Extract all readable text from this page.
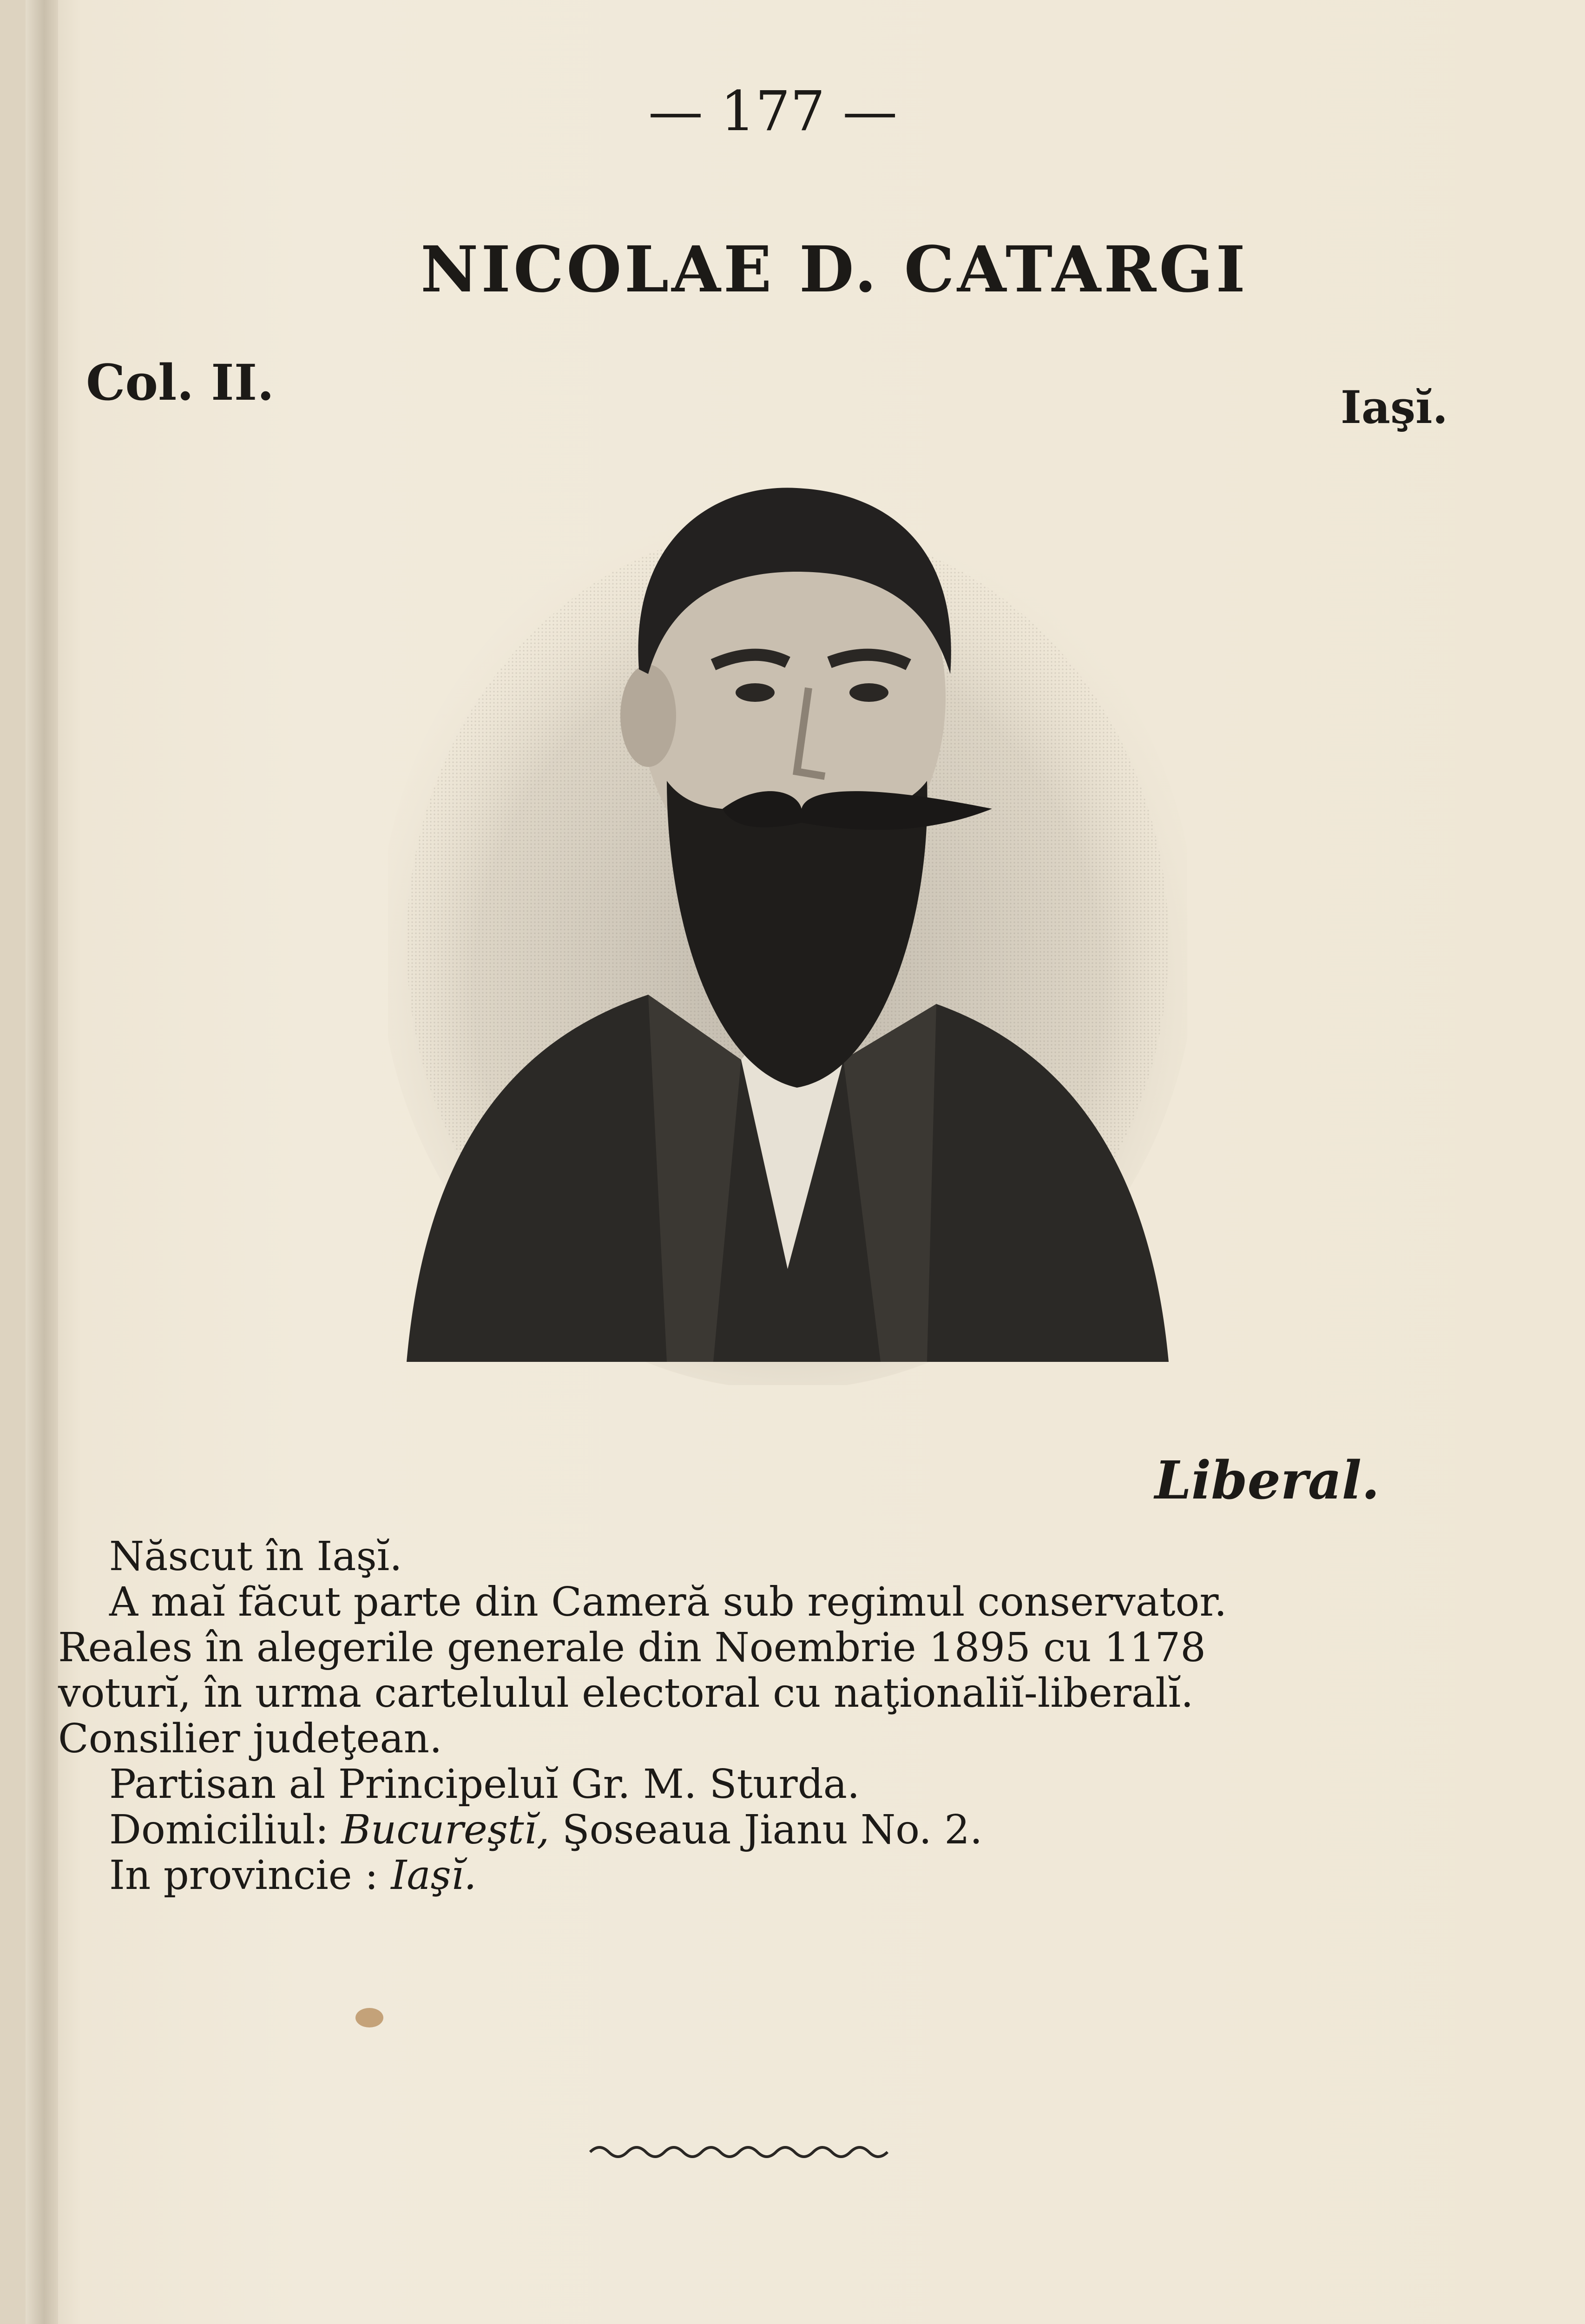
— 177 —
NICOLAE D. CATARGI
Col. II.	Iaşĭ.
Liberal.

Născut în Iaşĭ.

A maĭ făcut parte din Cameră sub regimul conservator.

Reales în alegerile generale din Noembrie 1895 cu 1178

voturĭ, în urma cartelulul electoral cu naţionaliĭ-liberalĭ.

Consilier judeţean.

Partisan al Principeluĭ Gr. M. Sturda.

Domiciliul: Bucureştĭ, Şoseaua Jianu No. 2.

In provincie : Iaşĭ.
